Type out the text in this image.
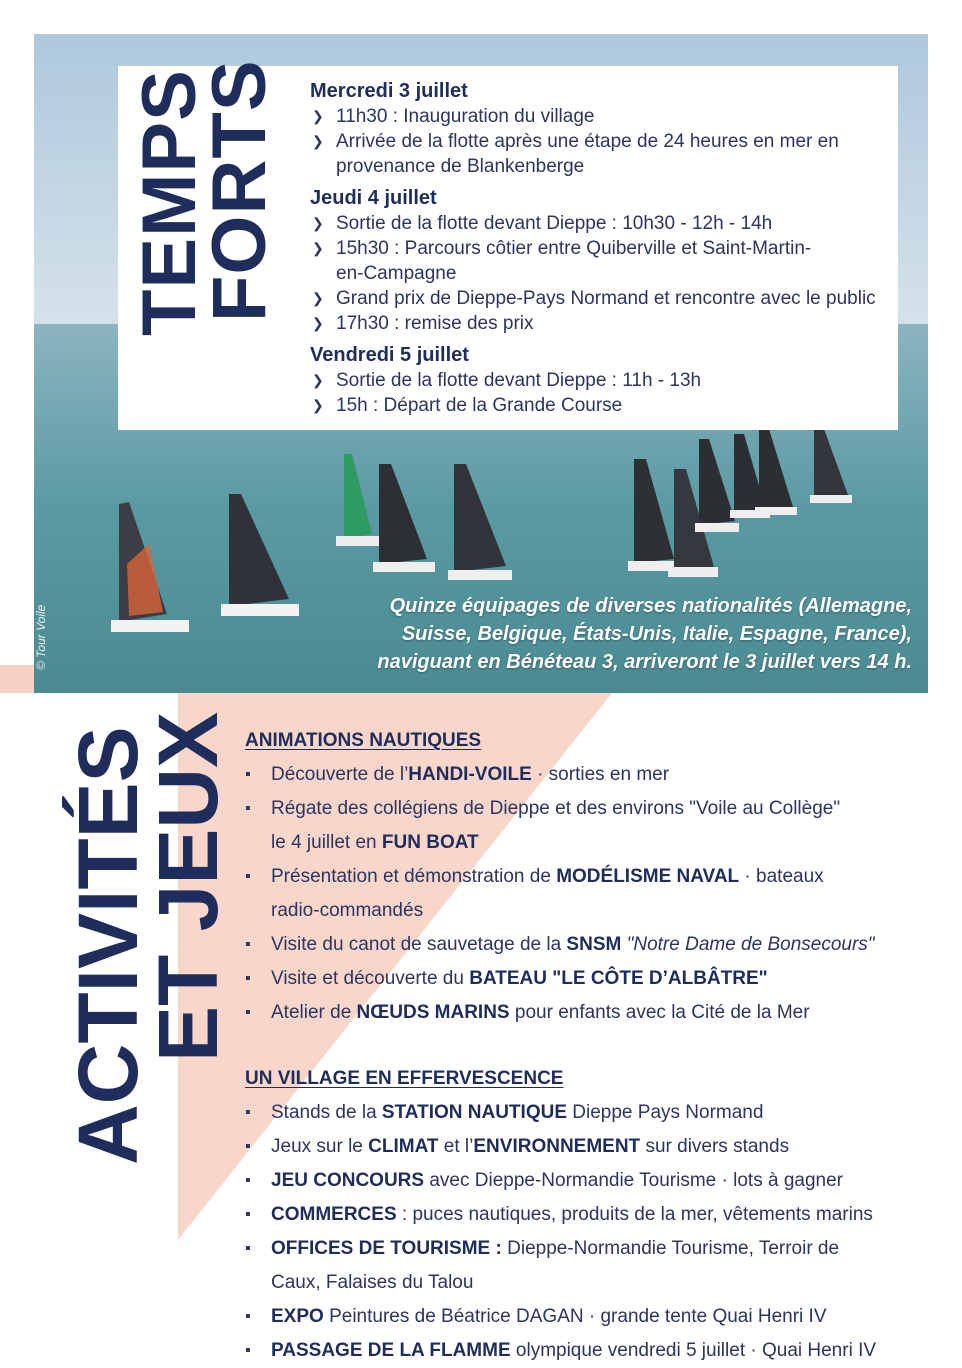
© Tour Voile	Quinze équipages de diverses nationalités (Allemagne,
Suisse, Belgique, États-Unis, Italie, Espagne, France),
naviguant en Bénéteau 3, arriveront le 3 juillet vers 14 h.
TEMPS
FORTS Mercredi 3 juillet
❯ 11h30 : Inauguration du village
❯ Arrivée de la flotte après une étape de 24 heures en mer en
provenance de Blankenberge
Jeudi 4 juillet
❯ Sortie de la flotte devant Dieppe : 10h30 - 12h - 14h
❯ 15h30 : Parcours côtier entre Quiberville et Saint-Martin-
en-Campagne
❯ Grand prix de Dieppe-Pays Normand et rencontre avec le public
❯ 17h30 : remise des prix
Vendredi 5 juillet
❯ Sortie de la flotte devant Dieppe : 11h - 13h
❯ 15h : Départ de la Grande Course
ACTIVITÉS
ET JEUX ANIMATIONS NAUTIQUES
▪ Découverte de l’HANDI-VOILE · sorties en mer
▪ Régate des collégiens de Dieppe et des environs "Voile au Collège"
le 4 juillet en FUN BOAT
▪ Présentation et démonstration de MODÉLISME NAVAL · bateaux
radio-commandés
▪ Visite du canot de sauvetage de la SNSM "Notre Dame de Bonsecours"
▪ Visite et découverte du BATEAU "LE CÔTE D’ALBÂTRE"
▪ Atelier de NŒUDS MARINS pour enfants avec la Cité de la Mer
UN VILLAGE EN EFFERVESCENCE
▪ Stands de la STATION NAUTIQUE Dieppe Pays Normand
▪ Jeux sur le CLIMAT et l’ENVIRONNEMENT sur divers stands
▪ JEU CONCOURS avec Dieppe-Normandie Tourisme · lots à gagner
▪ COMMERCES : puces nautiques, produits de la mer, vêtements marins
▪ OFFICES DE TOURISME : Dieppe-Normandie Tourisme, Terroir de
Caux, Falaises du Talou
▪ EXPO Peintures de Béatrice DAGAN · grande tente Quai Henri IV
▪ PASSAGE DE LA FLAMME olympique vendredi 5 juillet · Quai Henri IV
